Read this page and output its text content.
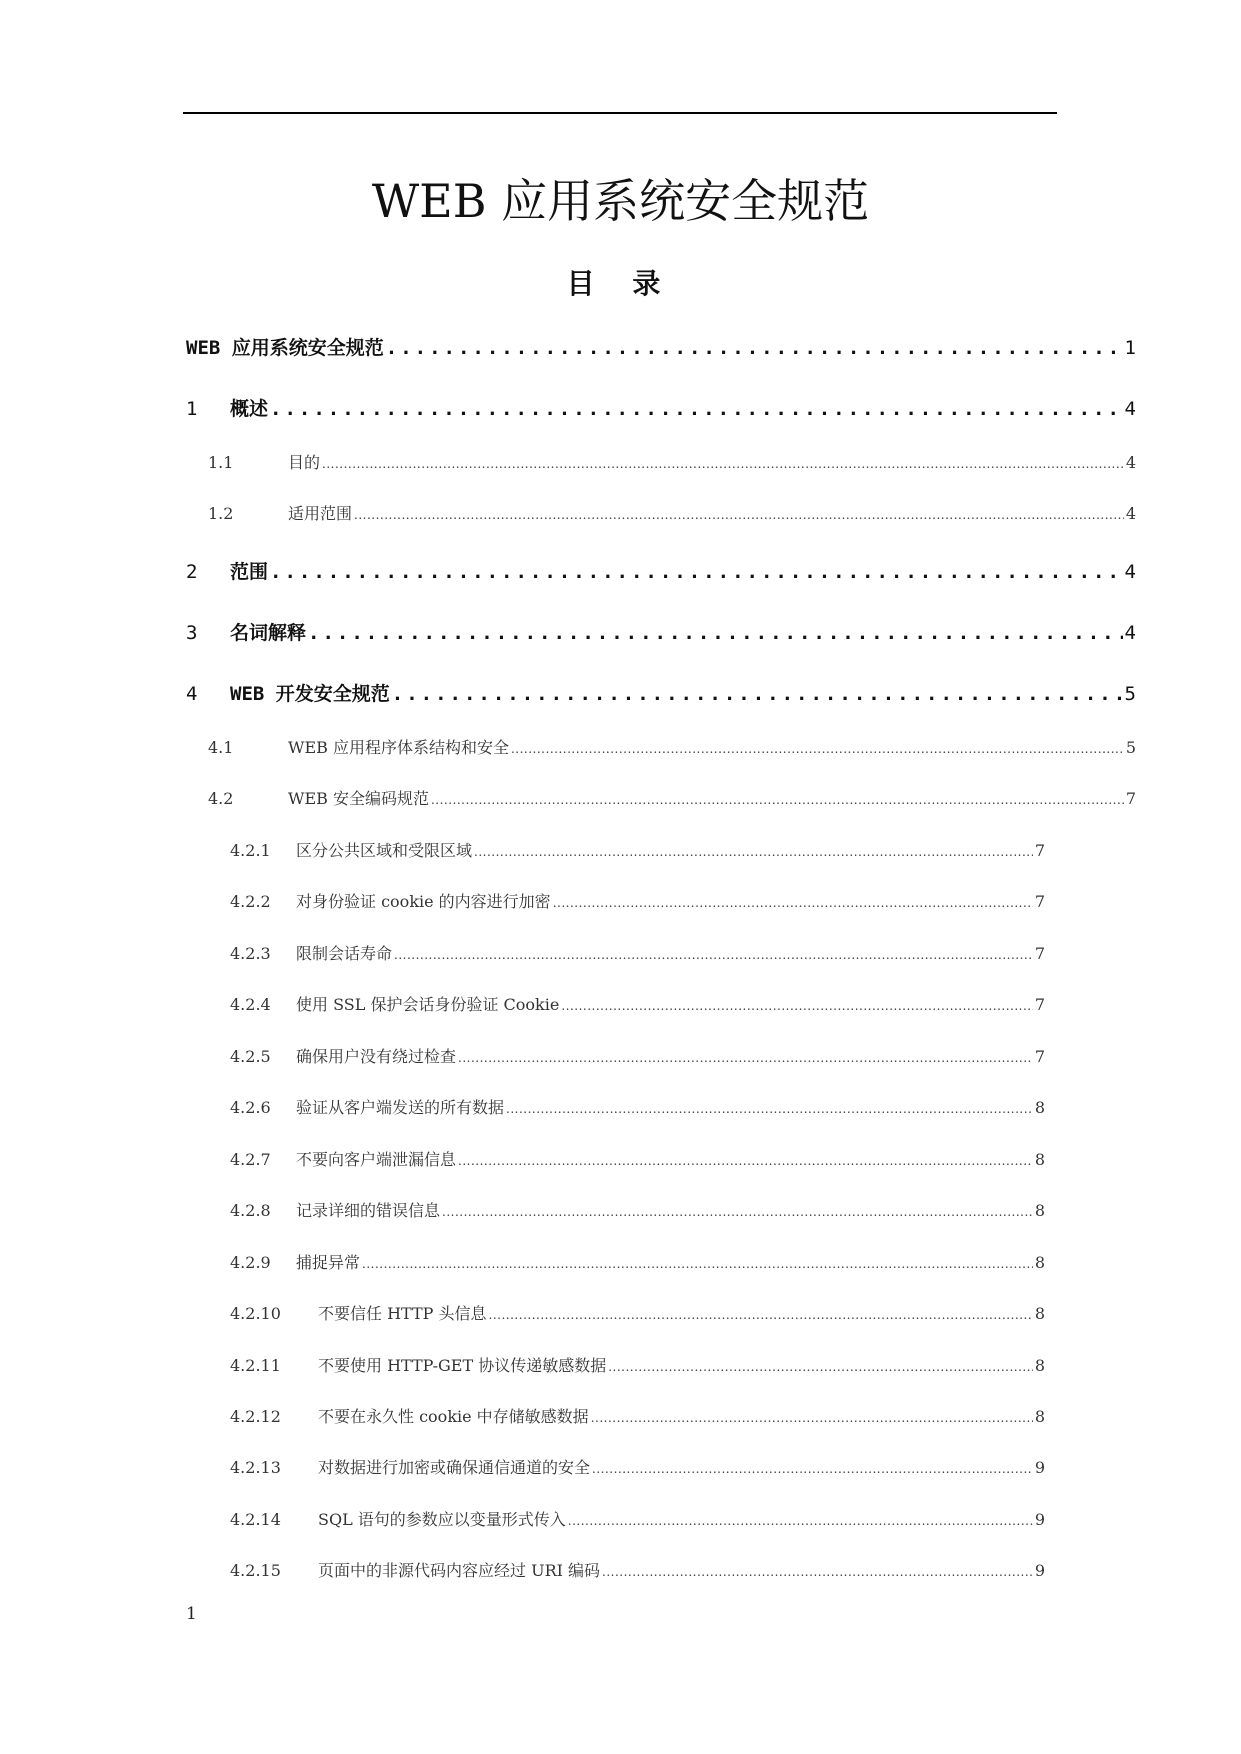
WEB 应用系统安全规范
目 录
WEB 应用系统安全规范 .....	1
1	概述 .....	4
1.1	目的 .....	4
1.2	适用范围 .....	4
2	范围 .....	4
3	名词解释 .....	4
4	WEB 开发安全规范 .....	5
4.1	WEB 应用程序体系结构和安全 .....	5
4.2	WEB 安全编码规范 .....	7
4.2.1	区分公共区域和受限区域 .....	7
4.2.2	对身份验证 cookie 的内容进行加密 .....	7
4.2.3	限制会话寿命 .....	7
4.2.4	使用 SSL 保护会话身份验证 Cookie .....	7
4.2.5	确保用户没有绕过检查 .....	7
4.2.6	验证从客户端发送的所有数据 .....	8
4.2.7	不要向客户端泄漏信息 .....	8
4.2.8	记录详细的错误信息 .....	8
4.2.9	捕捉异常 .....	8
4.2.10	不要信任 HTTP 头信息 .....	8
4.2.11	不要使用 HTTP-GET 协议传递敏感数据 .....	8
4.2.12	不要在永久性 cookie 中存储敏感数据 .....	8
4.2.13	对数据进行加密或确保通信通道的安全 .....	9
4.2.14	SQL 语句的参数应以变量形式传入 .....	9
4.2.15	页面中的非源代码内容应经过 URI 编码 .....	9
1
